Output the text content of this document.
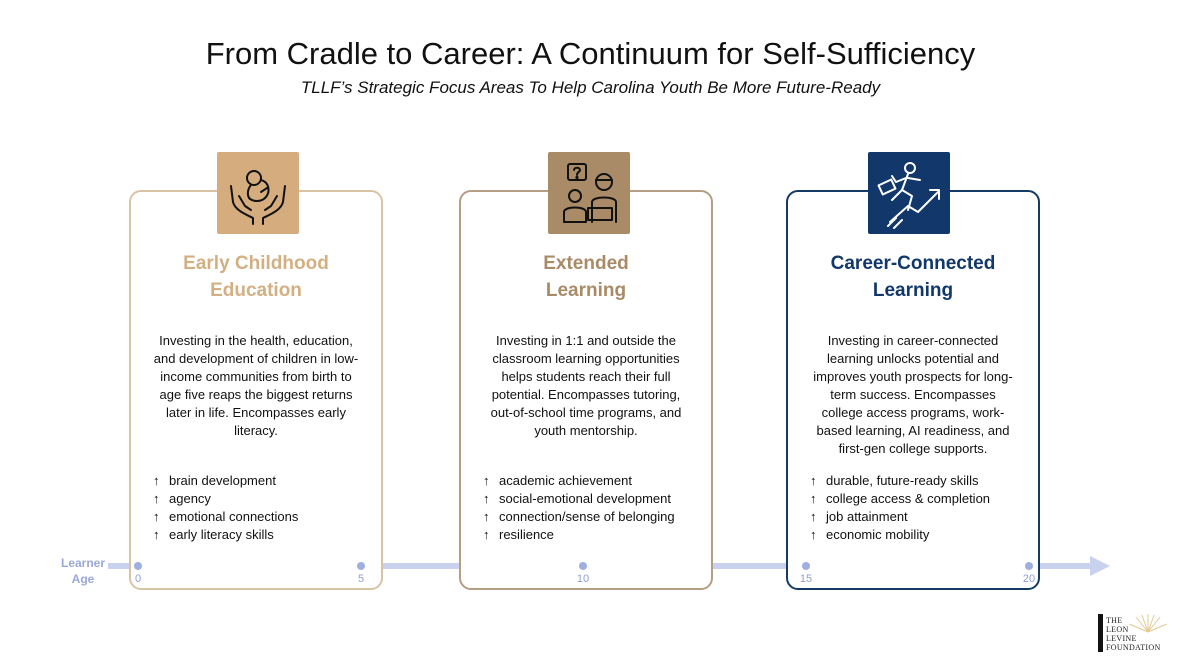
From Cradle to Career: A Continuum for Self-Sufficiency
TLLF’s Strategic Focus Areas To Help Carolina Youth Be More Future-Ready
Early Childhood
Education
Investing in the health, education, and development of children in low-income communities from birth to age five reaps the biggest returns later in life. Encompasses early literacy.
↑ brain development
↑ agency
↑ emotional connections
↑ early literacy skills
Extended
Learning
Investing in 1:1 and outside the classroom learning opportunities helps students reach their full potential. Encompasses tutoring, out-of-school time programs, and youth mentorship.
↑ academic achievement
↑ social-emotional development
↑ connection/sense of belonging
↑ resilience
Career-Connected
Learning
Investing in career-connected learning unlocks potential and improves youth prospects for long-term success. Encompasses college access programs, work-based learning, AI readiness, and first-gen college supports.
↑ durable, future-ready skills
↑ college access & completion
↑ job attainment
↑ economic mobility
Learner
Age	0	5	10	15	20
THE
LEON
LEVINE
FOUNDATION
